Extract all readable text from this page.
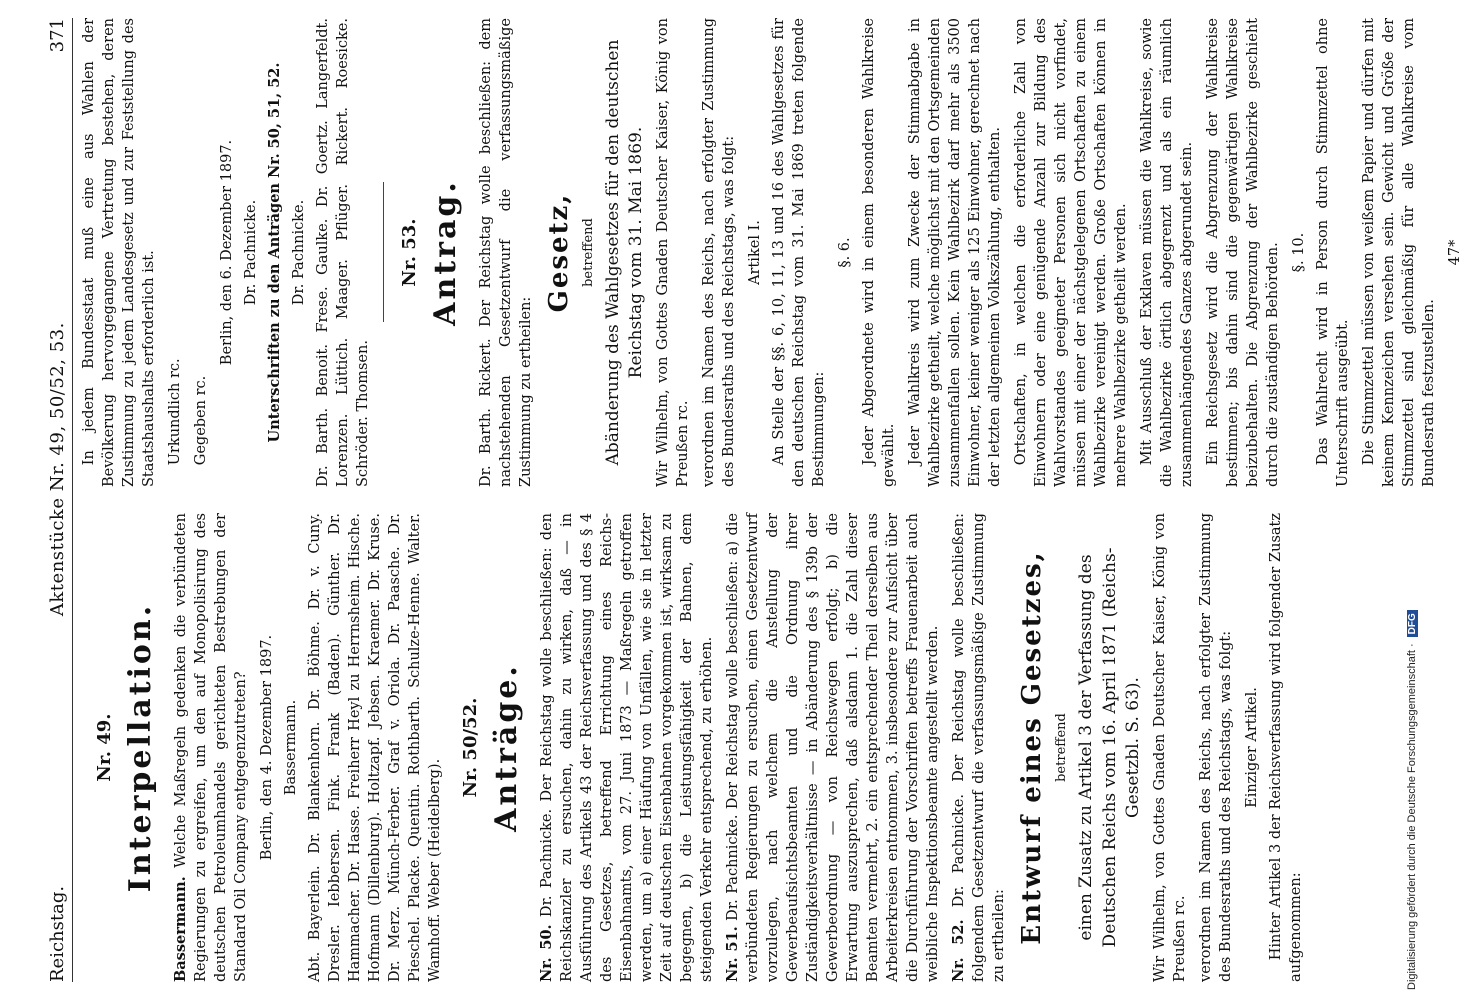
Reichstag.
Aktenstücke Nr. 49, 50/52, 53.
371
Nr. 49. Interpellation.

Bassermann. Welche Maßregeln gedenken die verbündeten Regierungen zu ergreifen, um den auf Monopolisirung des deutschen Petroleumhandels gerichteten Bestrebungen der Standard Oil Company entgegenzutreten? Berlin, den 4. Dezember 1897. Bassermann. Abt. Bayerlein. Dr. Blankenhorn. Dr. Böhme. Dr. v. Cuny. Dresler. Iebbersen. Fink. Frank (Baden). Günther. Dr. Hammacher. Dr. Hasse. Freiherr Heyl zu Herrnsheim. Hische. Hofmann (Dillenburg). Holtzapf. Jebsen. Kraemer. Dr. Kruse. Dr. Merz. Münch-Ferber. Graf v. Oriola. Dr. Paasche. Dr. Pieschel. Placke. Quentin. Rothbarth. Schulze-Henne. Walter. Wamhoff. Weber (Heidelberg).

Nr. 50/52. Anträge.

Nr. 50. Dr. Pachnicke. Der Reichstag wolle beschließen: den Reichskanzler zu ersuchen, dahin zu wirken, daß — in Ausführung des Artikels 43 der Reichsverfassung und des § 4 des Gesetzes, betreffend Errichtung eines Reichs-Eisenbahnamts, vom 27. Juni 1873 — Maßregeln getroffen werden, um a) einer Häufung von Unfällen, wie sie in letzter Zeit auf deutschen Eisenbahnen vorgekommen ist, wirksam zu begegnen, b) die Leistungsfähigkeit der Bahnen, dem steigenden Verkehr entsprechend, zu erhöhen. Nr. 51. Dr. Pachnicke. Der Reichstag wolle beschließen: a) die verbündeten Regierungen zu ersuchen, einen Gesetzentwurf vorzulegen, nach welchem die Anstellung der Gewerbeaufsichtsbeamten und die Ordnung ihrer Zuständigkeitsverhältnisse — in Abänderung des § 139b der Gewerbeordnung — von Reichswegen erfolgt; b) die Erwartung auszusprechen, daß alsdann 1. die Zahl dieser Beamten vermehrt, 2. ein entsprechender Theil derselben aus Arbeiterkreisen entnommen, 3. insbesondere zur Aufsicht über die Durchführung der Vorschriften betreffs Frauenarbeit auch weibliche Inspektionsbeamte angestellt werden. Nr. 52. Dr. Pachnicke. Der Reichstag wolle beschließen: folgendem Gesetzentwurf die verfassungsmäßige Zustimmung zu ertheilen: Entwurf eines Gesetzes, betreffend einen Zusatz zu Artikel 3 der Verfassung des Deutschen Reichs vom 16. April 1871 (Reichs-Gesetzbl. S. 63). Wir Wilhelm, von Gottes Gnaden Deutscher Kaiser, König von Preußen rc. verordnen im Namen des Reichs, nach erfolgter Zustimmung des Bundesraths und des Reichstags, was folgt: Einziger Artikel. Hinter Artikel 3 der Reichsverfassung wird folgender Zusatz aufgenommen:

In jedem Bundesstaat muß eine aus Wahlen der Bevölkerung hervorgegangene Vertretung bestehen, deren Zustimmung zu jedem Landesgesetz und zur Feststellung des Staatshaushalts erforderlich ist. Urkundlich rc. Gegeben rc.

Berlin, den 6. Dezember 1897. Dr. Pachnicke. Unterschriften zu den Anträgen Nr. 50, 51, 52. Dr. Pachnicke. Dr. Barth. Benoit. Frese. Gaulke. Dr. Goertz. Langerfeldt. Lorenzen. Lüttich. Maager. Pflüger. Rickert. Roesicke. Schröder. Thomsen.

Nr. 53. Antrag. Dr. Barth. Rickert. Der Reichstag wolle beschließen: dem nachstehenden Gesetzentwurf die verfassungsmäßige Zustimmung zu ertheilen:

Gesetz, betreffend Abänderung des Wahlgesetzes für den deutschen Reichstag vom 31. Mai 1869. Wir Wilhelm, von Gottes Gnaden Deutscher Kaiser, König von Preußen rc. verordnen im Namen des Reichs, nach erfolgter Zustimmung des Bundesraths und des Reichstags, was folgt: Artikel I. An Stelle der §§. 6, 10, 11, 13 und 16 des Wahlgesetzes für den deutschen Reichstag vom 31. Mai 1869 treten folgende Bestimmungen:

§. 6. Jeder Abgeordnete wird in einem besonderen Wahlkreise gewählt. Jeder Wahlkreis wird zum Zwecke der Stimmabgabe in Wahlbezirke getheilt, welche möglichst mit den Ortsgemeinden zusammenfallen sollen. Kein Wahlbezirk darf mehr als 3500 Einwohner, keiner weniger als 125 Einwohner, gerechnet nach der letzten allgemeinen Volkszählung, enthalten. Ortschaften, in welchen die erforderliche Zahl von Einwohnern oder eine genügende Anzahl zur Bildung des Wahlvorstandes geeigneter Personen sich nicht vorfindet, müssen mit einer der nächstgelegenen Ortschaften zu einem Wahlbezirke vereinigt werden. Große Ortschaften können in mehrere Wahlbezirke getheilt werden. Mit Ausschluß der Exklaven müssen die Wahlkreise, sowie die Wahlbezirke örtlich abgegrenzt und als ein räumlich zusammenhängendes Ganzes abgerundet sein. Ein Reichsgesetz wird die Abgrenzung der Wahlkreise bestimmen; bis dahin sind die gegenwärtigen Wahlkreise beizubehalten. Die Abgrenzung der Wahlbezirke geschieht durch die zuständigen Behörden. §. 10. Das Wahlrecht wird in Person durch Stimmzettel ohne Unterschrift ausgeübt. Die Stimmzettel müssen von weißem Papier und dürfen mit keinem Kennzeichen versehen sein. Gewicht und Größe der Stimmzettel sind gleichmäßig für alle Wahlkreise vom Bundesrath festzustellen.

47*
Digitalisierung gefördert durch die Deutsche Forschungsgemeinschaft ·DFG
